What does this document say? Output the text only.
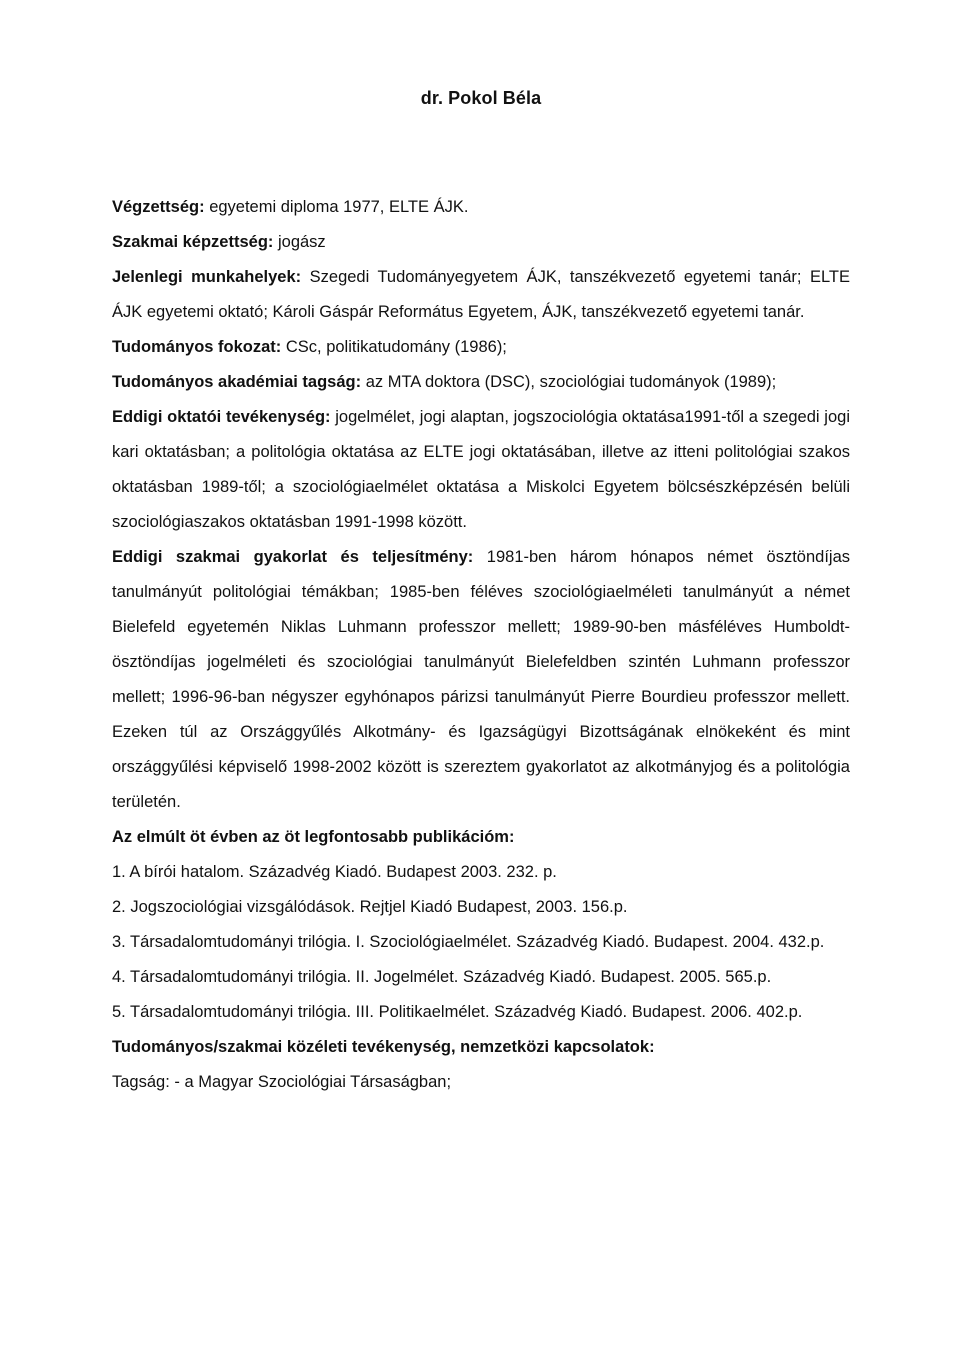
dr. Pokol Béla

Végzettség: egyetemi diploma 1977, ELTE ÁJK.

Szakmai képzettség: jogász

Jelenlegi munkahelyek: Szegedi Tudományegyetem ÁJK, tanszékvezető egyetemi tanár; ELTE ÁJK egyetemi oktató; Károli Gáspár Református Egyetem, ÁJK, tanszékvezető egyetemi tanár.

Tudományos fokozat: CSc, politikatudomány (1986);

Tudományos akadémiai tagság: az MTA doktora (DSC), szociológiai tudományok (1989);

Eddigi oktatói tevékenység: jogelmélet, jogi alaptan, jogszociológia oktatása1991-től a szegedi jogi kari oktatásban; a politológia oktatása az ELTE jogi oktatásában, illetve az itteni politológiai szakos oktatásban 1989-től; a szociológiaelmélet oktatása a Miskolci Egyetem bölcsészképzésén belüli szociológiaszakos oktatásban 1991-1998 között.

Eddigi szakmai gyakorlat és teljesítmény: 1981-ben három hónapos német ösztöndíjas tanulmányút politológiai témákban; 1985-ben féléves szociológiaelméleti tanulmányút a német Bielefeld egyetemén Niklas Luhmann professzor mellett; 1989-90-ben másféléves Humboldt-ösztöndíjas jogelméleti és szociológiai tanulmányút Bielefeldben szintén Luhmann professzor mellett; 1996-96-ban négyszer egyhónapos párizsi tanulmányút Pierre Bourdieu professzor mellett. Ezeken túl az Országgyűlés Alkotmány- és Igazságügyi Bizottságának elnökeként és mint országgyűlési képviselő 1998-2002 között is szereztem gyakorlatot az alkotmányjog és a politológia területén.

Az elmúlt öt évben az öt legfontosabb publikációm:

1. A bírói hatalom. Századvég Kiadó. Budapest 2003. 232. p.

2. Jogszociológiai vizsgálódások. Rejtjel Kiadó Budapest, 2003. 156.p.

3. Társadalomtudományi trilógia. I. Szociológiaelmélet. Századvég Kiadó. Budapest. 2004. 432.p.

4. Társadalomtudományi trilógia. II. Jogelmélet. Századvég Kiadó. Budapest. 2005. 565.p.

5. Társadalomtudományi trilógia. III. Politikaelmélet. Századvég Kiadó. Budapest. 2006. 402.p.

Tudományos/szakmai közéleti tevékenység, nemzetközi kapcsolatok:

Tagság: - a Magyar Szociológiai Társaságban;
